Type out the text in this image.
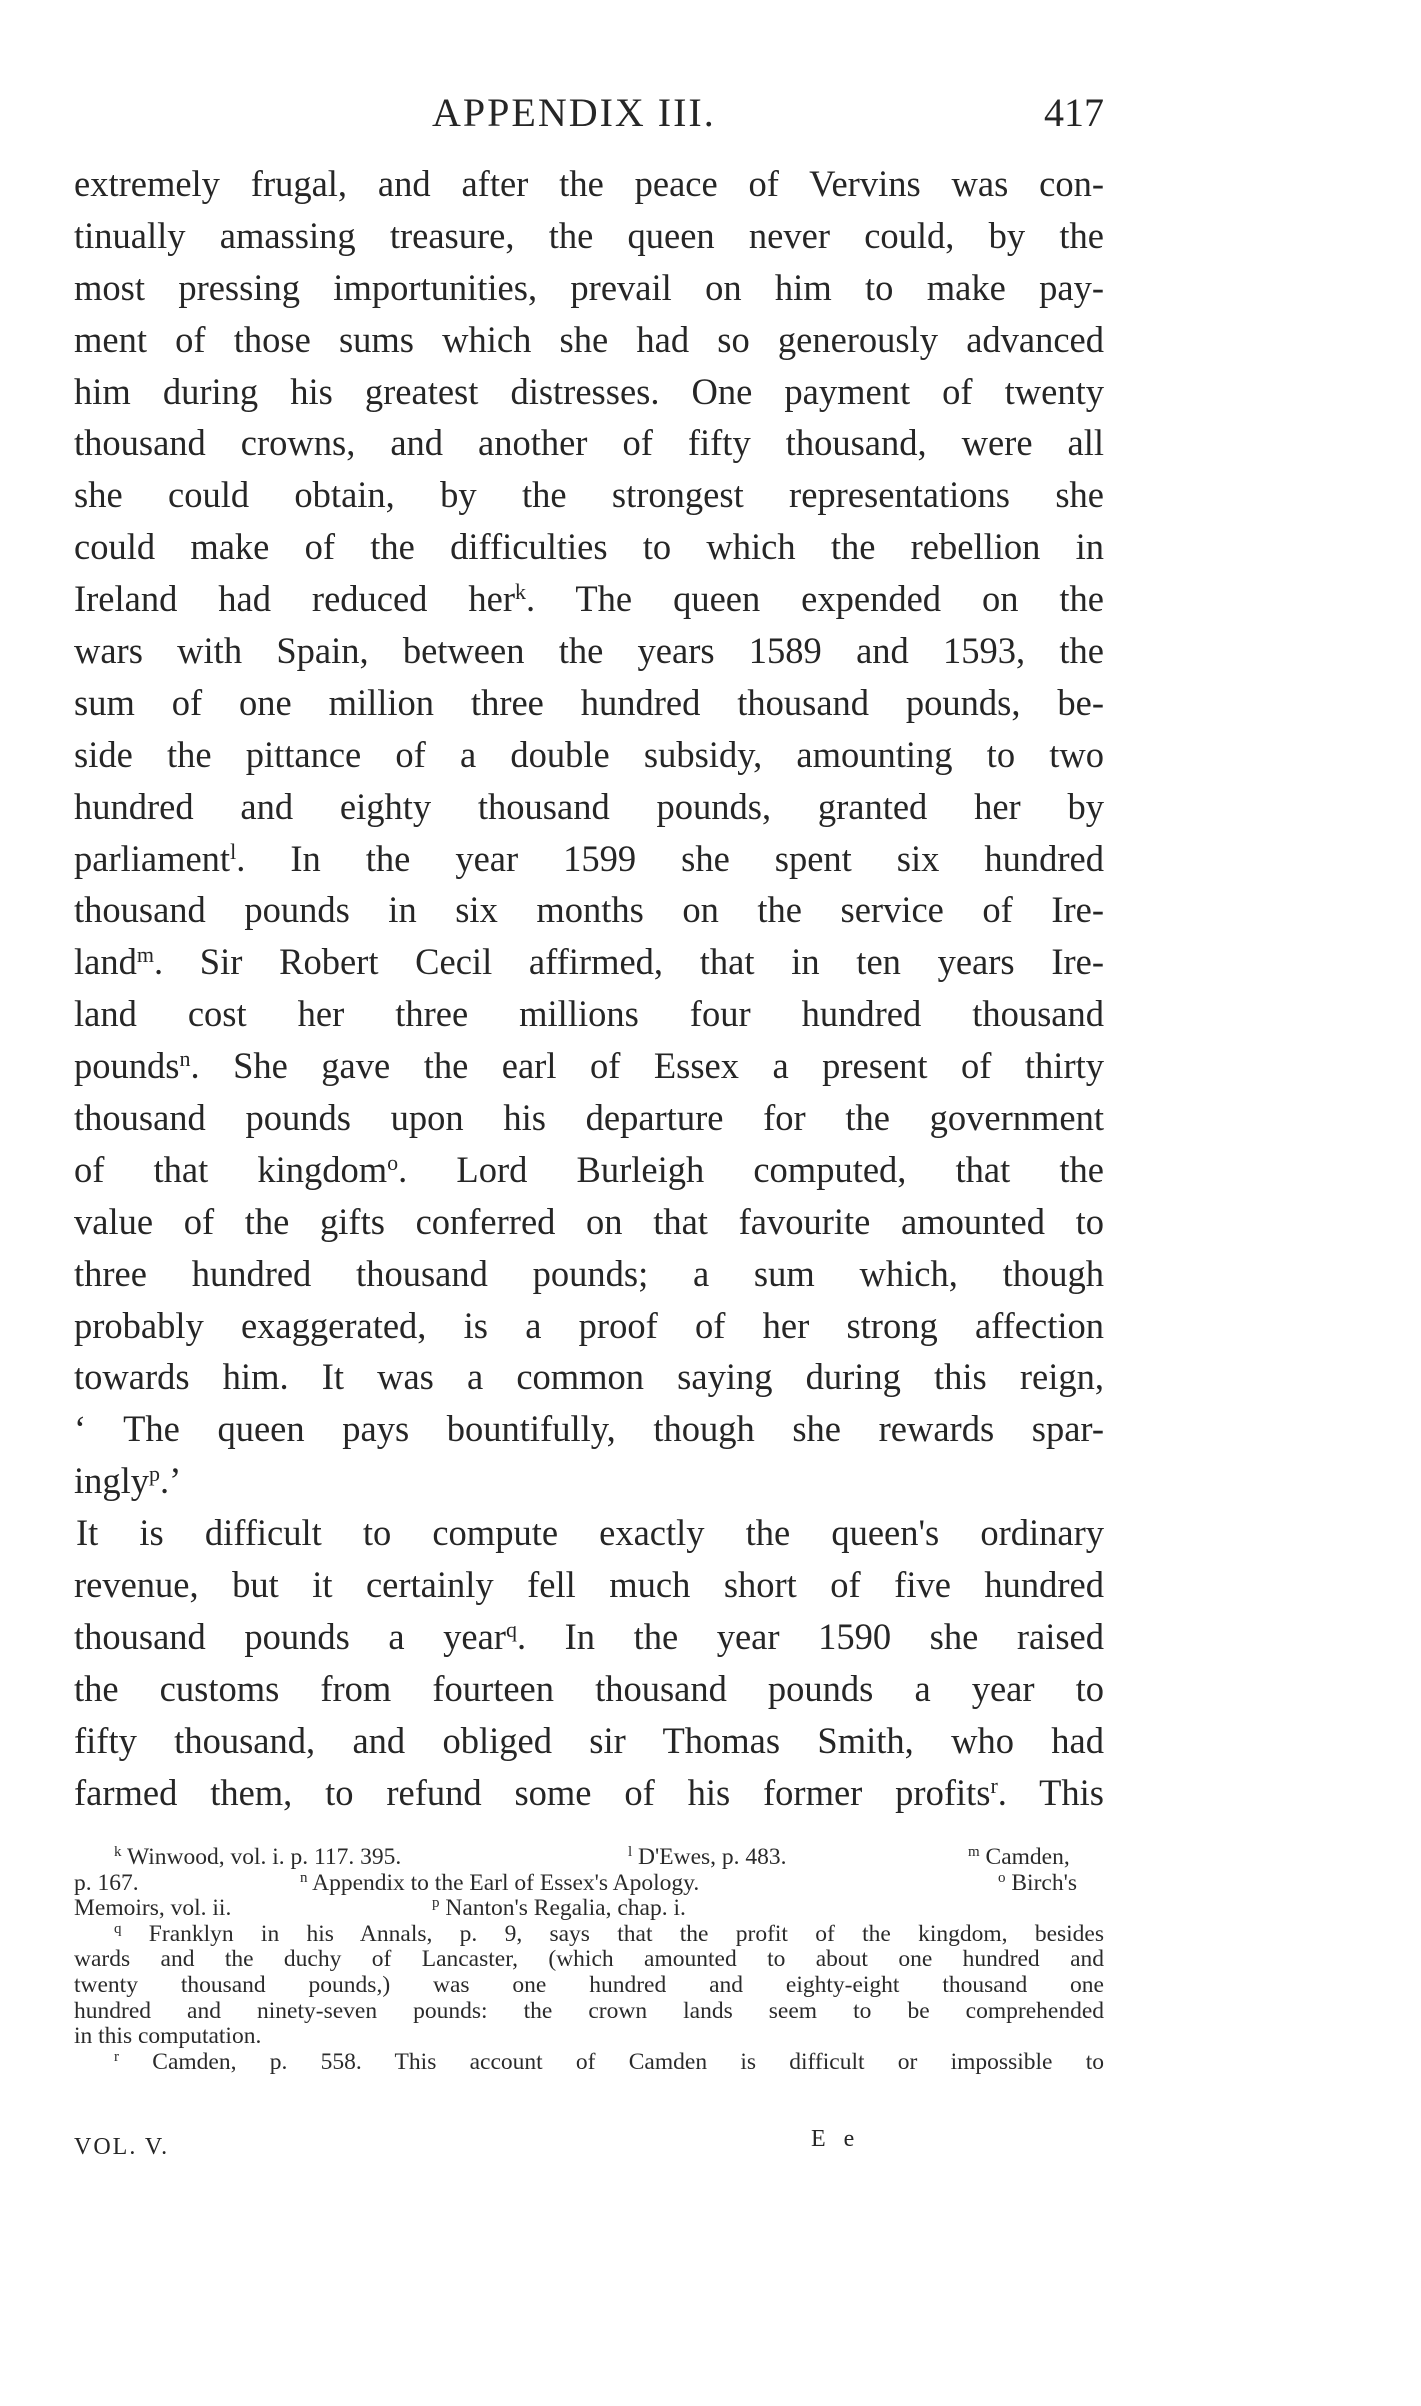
APPENDIX III.	417
extremely frugal, and after the peace of Vervins was con-
tinually amassing treasure, the queen never could, by the
most pressing importunities, prevail on him to make pay-
ment of those sums which she had so generously advanced
him during his greatest distresses. One payment of twenty
thousand crowns, and another of fifty thousand, were all
she could obtain, by the strongest representations she
could make of the difficulties to which the rebellion in
Ireland had reduced her$^k$. The queen expended on the
wars with Spain, between the years 1589 and 1593, the
sum of one million three hundred thousand pounds, be-
side the pittance of a double subsidy, amounting to two
hundred and eighty thousand pounds, granted her by
parliament$^l$. In the year 1599 she spent six hundred
thousand pounds in six months on the service of Ire-
land$^m$. Sir Robert Cecil affirmed, that in ten years Ire-
land cost her three millions four hundred thousand
pounds$^n$. She gave the earl of Essex a present of thirty
thousand pounds upon his departure for the government
of that kingdom$^o$. Lord Burleigh computed, that the
value of the gifts conferred on that favourite amounted to
three hundred thousand pounds; a sum which, though
probably exaggerated, is a proof of her strong affection
towards him. It was a common saying during this reign,
‘ The queen pays bountifully, though she rewards spar-
ingly$^p$.’
It is difficult to compute exactly the queen's ordinary
revenue, but it certainly fell much short of five hundred
thousand pounds a year$^q$. In the year 1590 she raised
the customs from fourteen thousand pounds a year to
fifty thousand, and obliged sir Thomas Smith, who had
farmed them, to refund some of his former profits$^r$. This
$^k$ Winwood, vol. i. p. 117. 395.	$^l$ D'Ewes, p. 483.	$^m$ Camden,
p. 167.	$^n$ Appendix to the Earl of Essex's Apology.	$^o$ Birch's
Memoirs, vol. ii.	$^p$ Nanton's Regalia, chap. i.
$^q$ Franklyn in his Annals, p. 9, says that the profit of the kingdom, besides
wards and the duchy of Lancaster, (which amounted to about one hundred and
twenty thousand pounds,) was one hundred and eighty-eight thousand one
hundred and ninety-seven pounds: the crown lands seem to be comprehended
in this computation.
$^r$ Camden, p. 558. This account of Camden is difficult or impossible to
VOL. V.	E e
